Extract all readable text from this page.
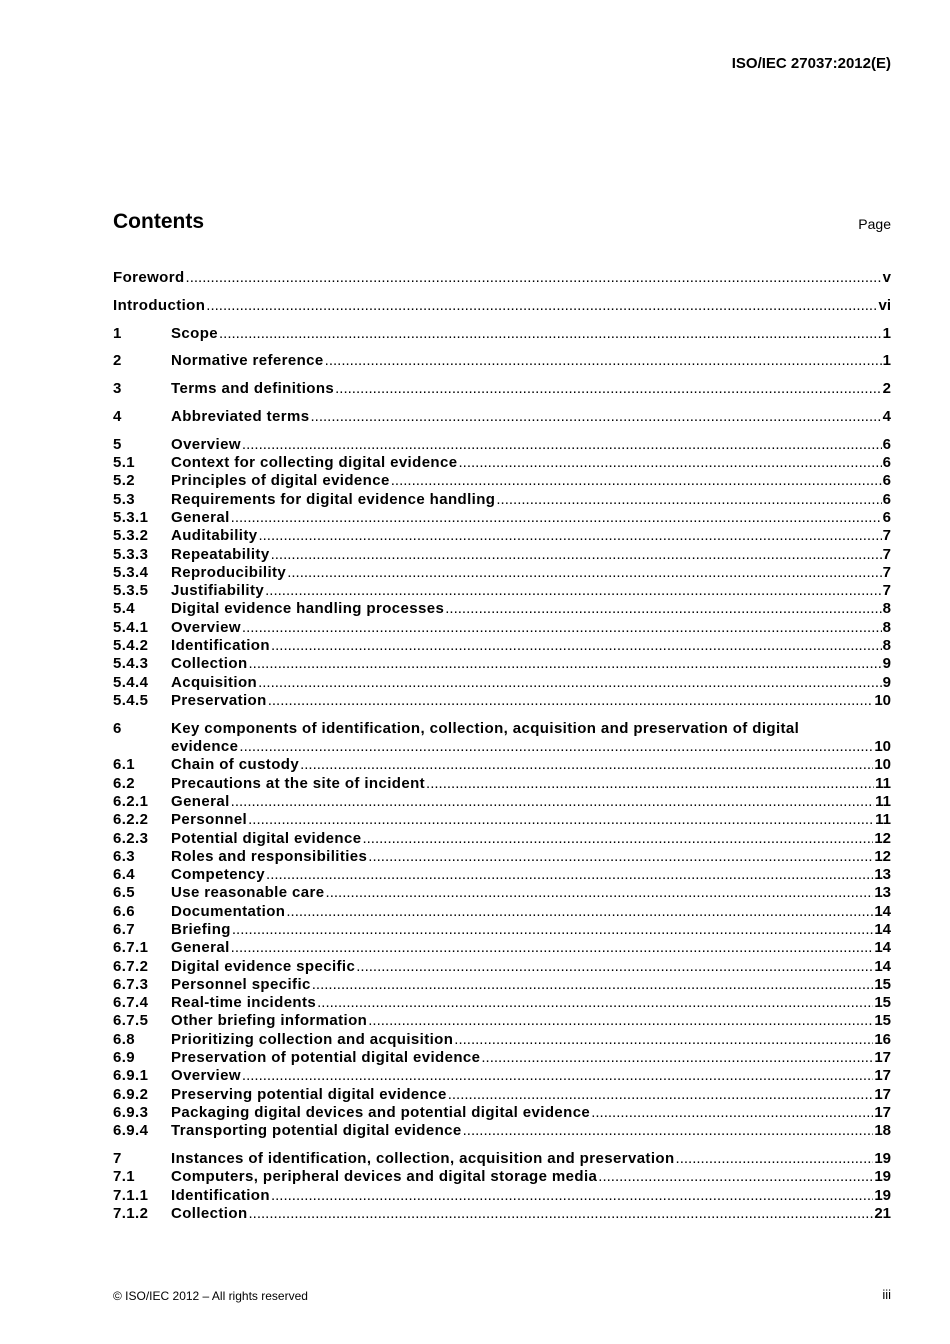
ISO/IEC 27037:2012(E)
Contents	Page
Foreword .....	v
Introduction .....	vi
1	Scope .....	1
2	Normative reference .....	1
3	Terms and definitions .....	2
4	Abbreviated terms .....	4
5	Overview .....	6
5.1	Context for collecting digital evidence .....	6
5.2	Principles of digital evidence .....	6
5.3	Requirements for digital evidence handling .....	6
5.3.1	General .....	6
5.3.2	Auditability .....	7
5.3.3	Repeatability .....	7
5.3.4	Reproducibility .....	7
5.3.5	Justifiability .....	7
5.4	Digital evidence handling processes .....	8
5.4.1	Overview .....	8
5.4.2	Identification .....	8
5.4.3	Collection .....	9
5.4.4	Acquisition .....	9
5.4.5	Preservation .....	10
6	Key components of identification, collection, acquisition and preservation of digital
evidence .....	10
6.1	Chain of custody .....	10
6.2	Precautions at the site of incident .....	11
6.2.1	General .....	11
6.2.2	Personnel .....	11
6.2.3	Potential digital evidence .....	12
6.3	Roles and responsibilities .....	12
6.4	Competency .....	13
6.5	Use reasonable care .....	13
6.6	Documentation .....	14
6.7	Briefing .....	14
6.7.1	General .....	14
6.7.2	Digital evidence specific .....	14
6.7.3	Personnel specific .....	15
6.7.4	Real-time incidents .....	15
6.7.5	Other briefing information .....	15
6.8	Prioritizing collection and acquisition .....	16
6.9	Preservation of potential digital evidence .....	17
6.9.1	Overview .....	17
6.9.2	Preserving potential digital evidence .....	17
6.9.3	Packaging digital devices and potential digital evidence .....	17
6.9.4	Transporting potential digital evidence .....	18
7	Instances of identification, collection, acquisition and preservation .....	19
7.1	Computers, peripheral devices and digital storage media .....	19
7.1.1	Identification .....	19
7.1.2	Collection .....	21
© ISO/IEC 2012 – All rights reserved	iii
